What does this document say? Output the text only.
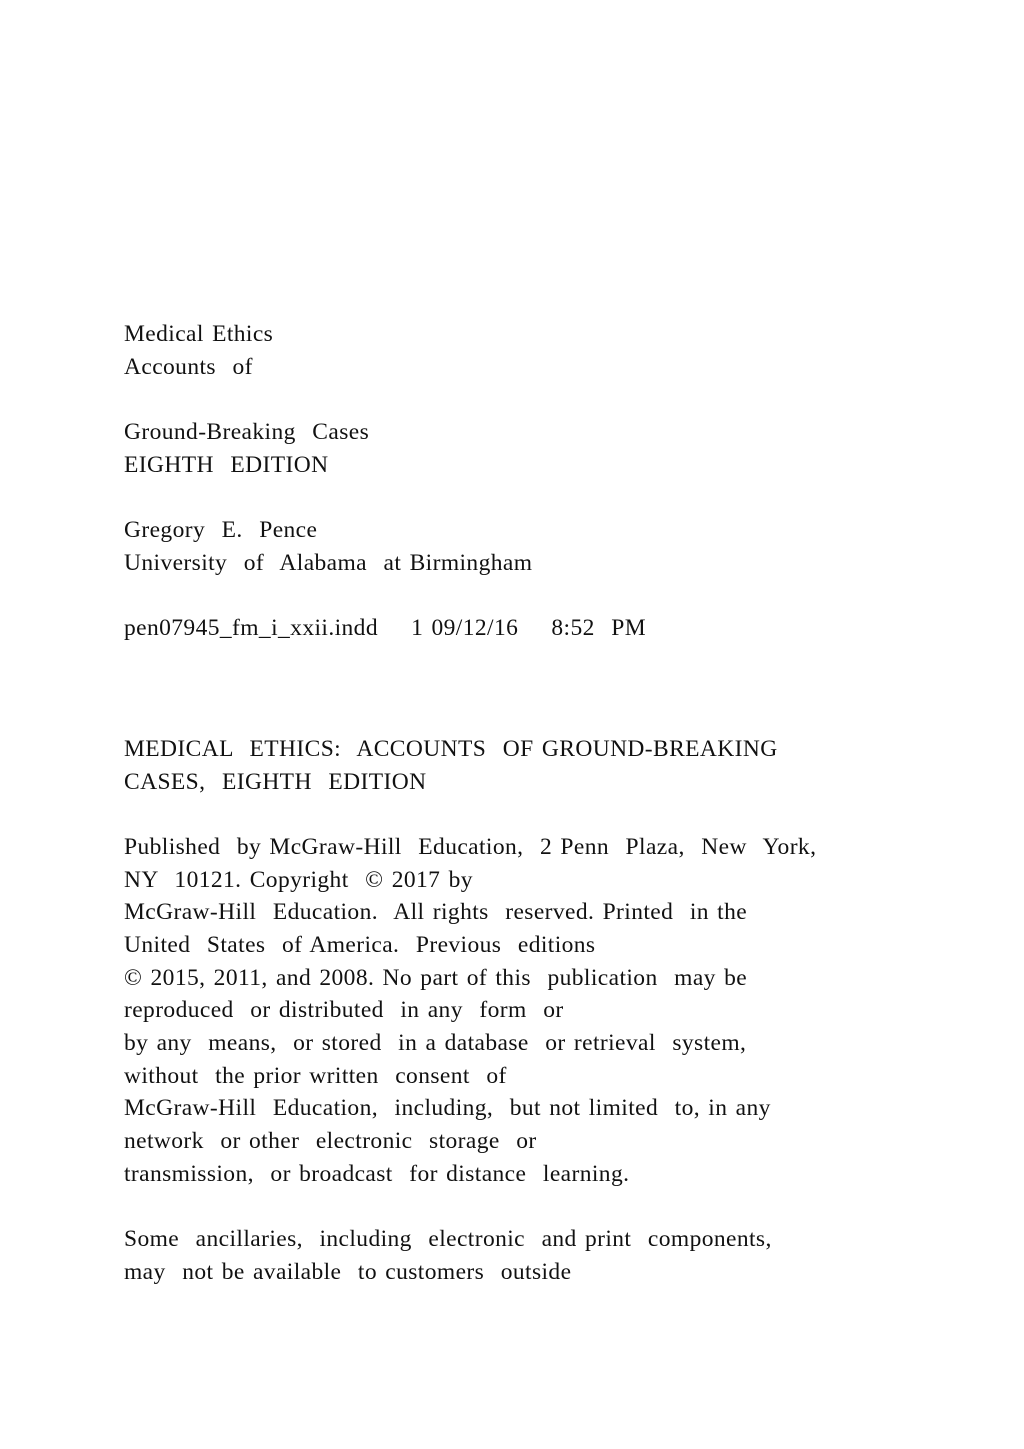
Medical Ethics
Accounts  of
Ground-Breaking  Cases
EIGHTH  EDITION
Gregory  E.  Pence
University  of  Alabama  at Birmingham
pen07945_fm_i_xxii.indd    1 09/12/16    8:52  PM
MEDICAL  ETHICS:  ACCOUNTS  OF GROUND-BREAKING
CASES,  EIGHTH  EDITION
Published  by McGraw-Hill  Education,  2 Penn  Plaza,  New  York,
NY  10121. Copyright  © 2017 by
McGraw-Hill  Education.  All rights  reserved. Printed  in the
United  States  of America.  Previous  editions
© 2015, 2011, and 2008. No part of this  publication  may be
reproduced  or distributed  in any  form  or
by any  means,  or stored  in a database  or retrieval  system,
without  the prior written  consent  of
McGraw-Hill  Education,  including,  but not limited  to, in any
network  or other  electronic  storage  or
transmission,  or broadcast  for distance  learning.
Some  ancillaries,  including  electronic  and print  components,
may  not be available  to customers  outside
